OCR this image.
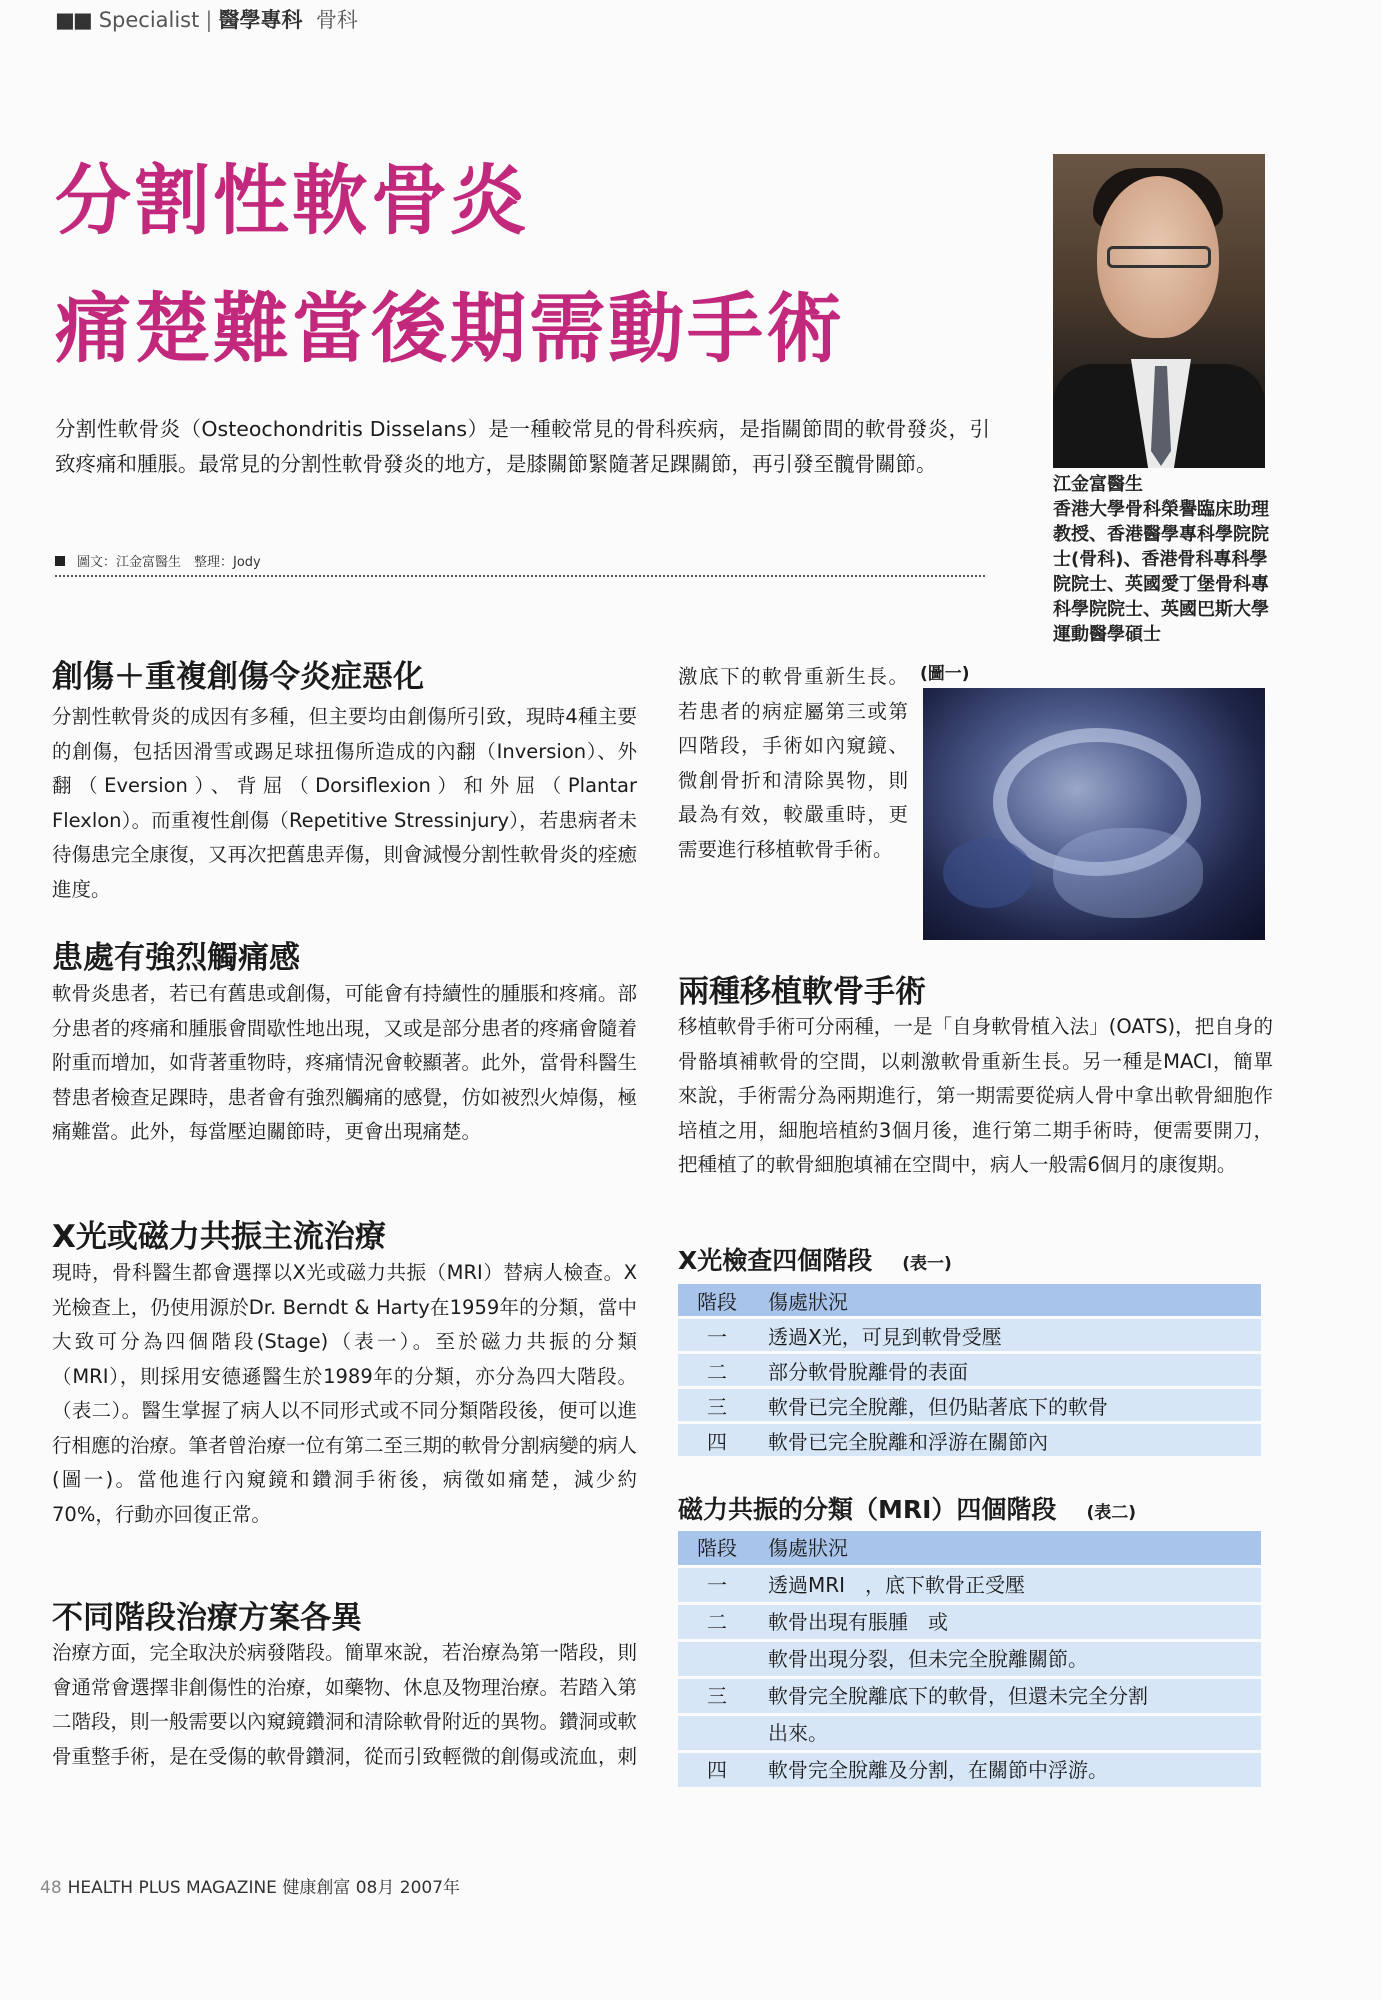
■■ Specialist | 醫學專科 骨科
分割性軟骨炎
痛楚難當後期需動手術
江金富醫生
香港大學骨科榮譽臨床助理教授、香港醫學專科學院院士(骨科)、香港骨科專科學院院士、英國愛丁堡骨科專科學院院士、英國巴斯大學運動醫學碩士
分割性軟骨炎（Osteochondritis Disselans）是一種較常見的骨科疾病，是指關節間的軟骨發炎，引致疼痛和腫脹。最常見的分割性軟骨發炎的地方，是膝關節緊隨著足踝關節，再引發至髖骨關節。
圖文：江金富醫生　整理：Jody
創傷＋重複創傷令炎症惡化
分割性軟骨炎的成因有多種，但主要均由創傷所引致，現時4種主要的創傷，包括因滑雪或踢足球扭傷所造成的內翻（Inversion）、外翻（Eversion）、背屈（Dorsiflexion）和外屈（Plantar　Flexlon）。而重複性創傷（Repetitive Stressinjury），若患病者未待傷患完全康復，又再次把舊患弄傷，則會減慢分割性軟骨炎的痊癒進度。
患處有強烈觸痛感
軟骨炎患者，若已有舊患或創傷，可能會有持續性的腫脹和疼痛。部分患者的疼痛和腫脹會間歇性地出現，又或是部分患者的疼痛會隨着附重而增加，如背著重物時，疼痛情況會較顯著。此外，當骨科醫生替患者檢查足踝時，患者會有強烈觸痛的感覺，仿如被烈火焯傷，極痛難當。此外，每當壓迫關節時，更會出現痛楚。
X光或磁力共振主流治療
現時，骨科醫生都會選擇以X光或磁力共振（MRI）替病人檢查。X光檢查上，仍使用源於Dr. Berndt & Harty在1959年的分類，當中大致可分為四個階段(Stage)（表一）。至於磁力共振的分類（MRI），則採用安德遜醫生於1989年的分類，亦分為四大階段。（表二）。醫生掌握了病人以不同形式或不同分類階段後，便可以進行相應的治療。筆者曾治療一位有第二至三期的軟骨分割病變的病人(圖一)。當他進行內窺鏡和鑽洞手術後，病徵如痛楚，減少約70%，行動亦回復正常。
不同階段治療方案各異
治療方面，完全取決於病發階段。簡單來說，若治療為第一階段，則會通常會選擇非創傷性的治療，如藥物、休息及物理治療。若踏入第二階段，則一般需要以內窺鏡鑽洞和清除軟骨附近的異物。鑽洞或軟骨重整手術，是在受傷的軟骨鑽洞，從而引致輕微的創傷或流血，刺
激底下的軟骨重新生長。若患者的病症屬第三或第四階段，手術如內窺鏡、微創骨折和清除異物，則最為有效，較嚴重時，更需要進行移植軟骨手術。
(圖一)
兩種移植軟骨手術
移植軟骨手術可分兩種，一是「自身軟骨植入法」(OATS)，把自身的骨骼填補軟骨的空間，以刺激軟骨重新生長。另一種是MACI，簡單來說，手術需分為兩期進行，第一期需要從病人骨中拿出軟骨細胞作培植之用，細胞培植約3個月後，進行第二期手術時，便需要開刀，把種植了的軟骨細胞填補在空間中，病人一般需6個月的康復期。
X光檢查四個階段 (表一)
階段	傷處狀況
一	透過X光，可見到軟骨受壓
二	部分軟骨脫離骨的表面
三	軟骨已完全脫離，但仍貼著底下的軟骨
四	軟骨已完全脫離和浮游在關節內
磁力共振的分類（MRI）四個階段 (表二)
階段	傷處狀況
一	透過MRI　，底下軟骨正受壓
二	軟骨出現有脹腫　或
	軟骨出現分裂，但未完全脫離關節。
三	軟骨完全脫離底下的軟骨，但還未完全分割
	出來。
四	軟骨完全脫離及分割，在關節中浮游。
48 HEALTH PLUS MAGAZINE 健康創富 08月 2007年
